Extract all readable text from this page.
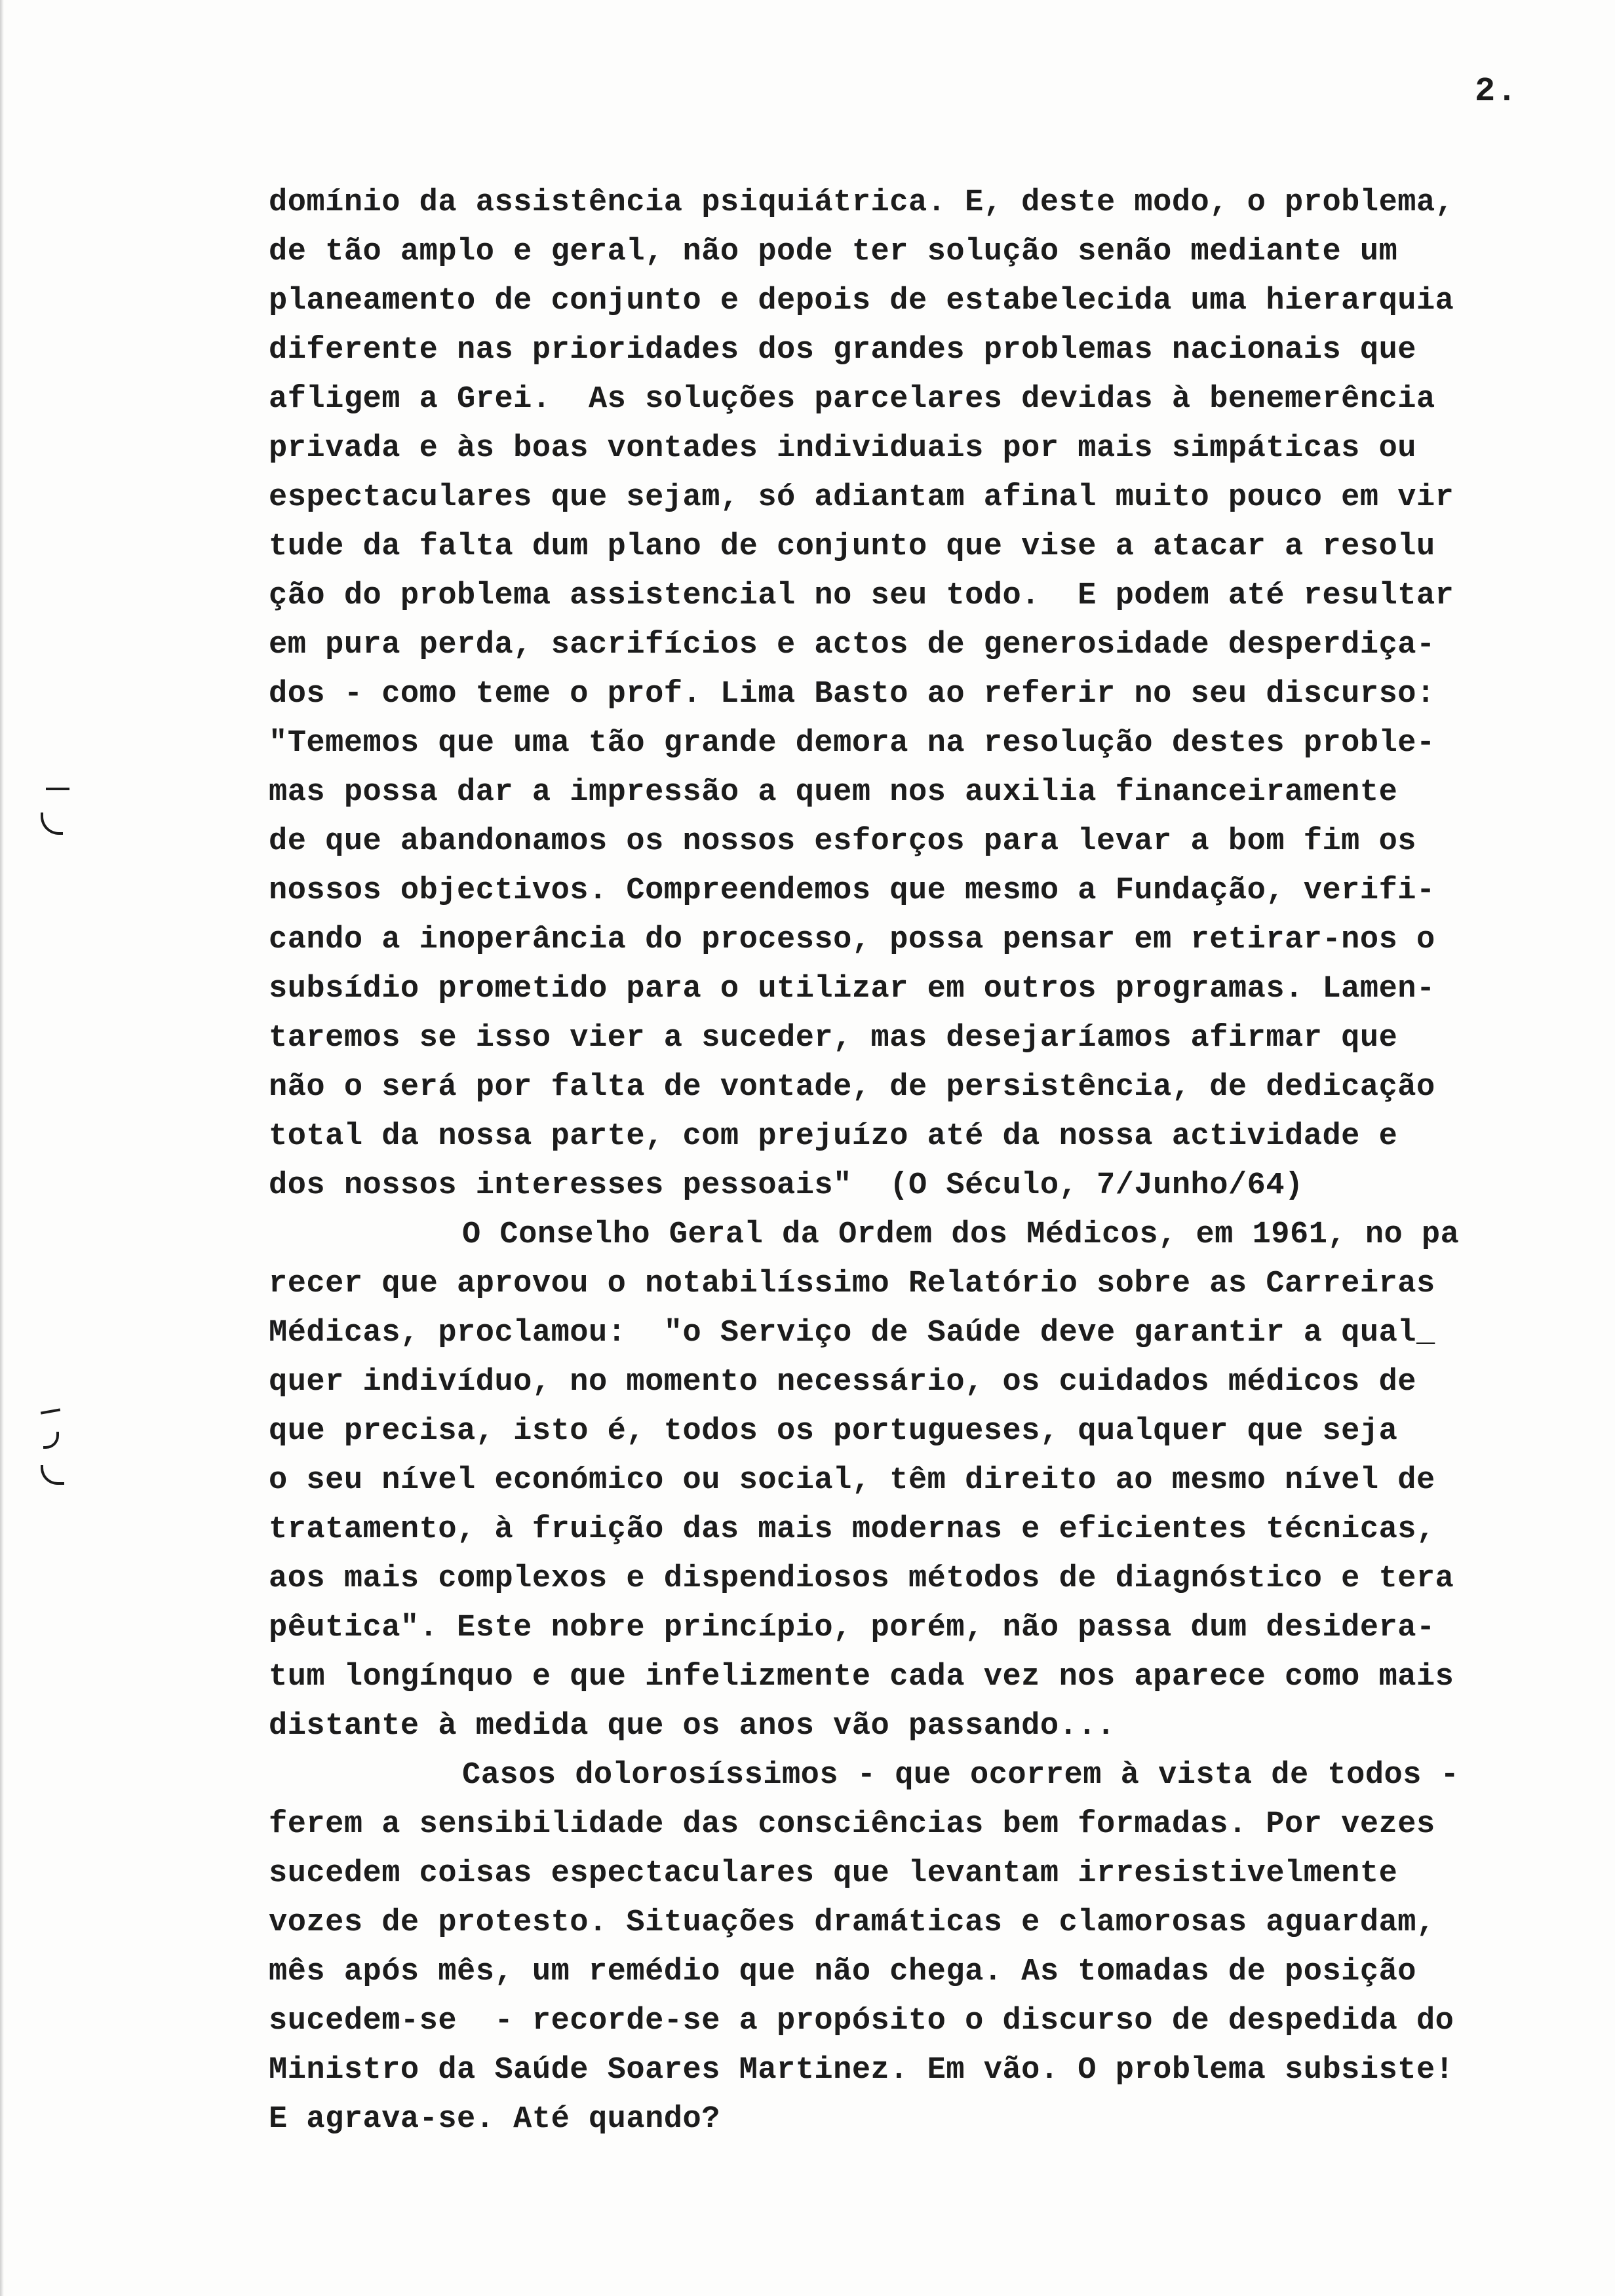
2.
domínio da assistência psiquiátrica. E, deste modo, o problema,
de tão amplo e geral, não pode ter solução senão mediante um
planeamento de conjunto e depois de estabelecida uma hierarquia
diferente nas prioridades dos grandes problemas nacionais que
afligem a Grei.  As soluções parcelares devidas à benemerência
privada e às boas vontades individuais por mais simpáticas ou
espectaculares que sejam, só adiantam afinal muito pouco em vir
tude da falta dum plano de conjunto que vise a atacar a resolu
ção do problema assistencial no seu todo.  E podem até resultar
em pura perda, sacrifícios e actos de generosidade desperdiça-
dos - como teme o prof. Lima Basto ao referir no seu discurso:
"Tememos que uma tão grande demora na resolução destes proble-
mas possa dar a impressão a quem nos auxilia financeiramente
de que abandonamos os nossos esforços para levar a bom fim os
nossos objectivos. Compreendemos que mesmo a Fundação, verifi-
cando a inoperância do processo, possa pensar em retirar-nos o
subsídio prometido para o utilizar em outros programas. Lamen-
taremos se isso vier a suceder, mas desejaríamos afirmar que
não o será por falta de vontade, de persistência, de dedicação
total da nossa parte, com prejuízo até da nossa actividade e
dos nossos interesses pessoais"  (O Século, 7/Junho/64)
O Conselho Geral da Ordem dos Médicos, em 1961, no pa
recer que aprovou o notabilíssimo Relatório sobre as Carreiras
Médicas, proclamou:  "o Serviço de Saúde deve garantir a qual_
quer indivíduo, no momento necessário, os cuidados médicos de
que precisa, isto é, todos os portugueses, qualquer que seja
o seu nível económico ou social, têm direito ao mesmo nível de
tratamento, à fruição das mais modernas e eficientes técnicas,
aos mais complexos e dispendiosos métodos de diagnóstico e tera
pêutica". Este nobre princípio, porém, não passa dum desidera-
tum longínquo e que infelizmente cada vez nos aparece como mais
distante à medida que os anos vão passando...
Casos dolorosíssimos - que ocorrem à vista de todos -
ferem a sensibilidade das consciências bem formadas. Por vezes
sucedem coisas espectaculares que levantam irresistivelmente
vozes de protesto. Situações dramáticas e clamorosas aguardam,
mês após mês, um remédio que não chega. As tomadas de posição
sucedem-se  - recorde-se a propósito o discurso de despedida do
Ministro da Saúde Soares Martinez. Em vão. O problema subsiste!
E agrava-se. Até quando?
